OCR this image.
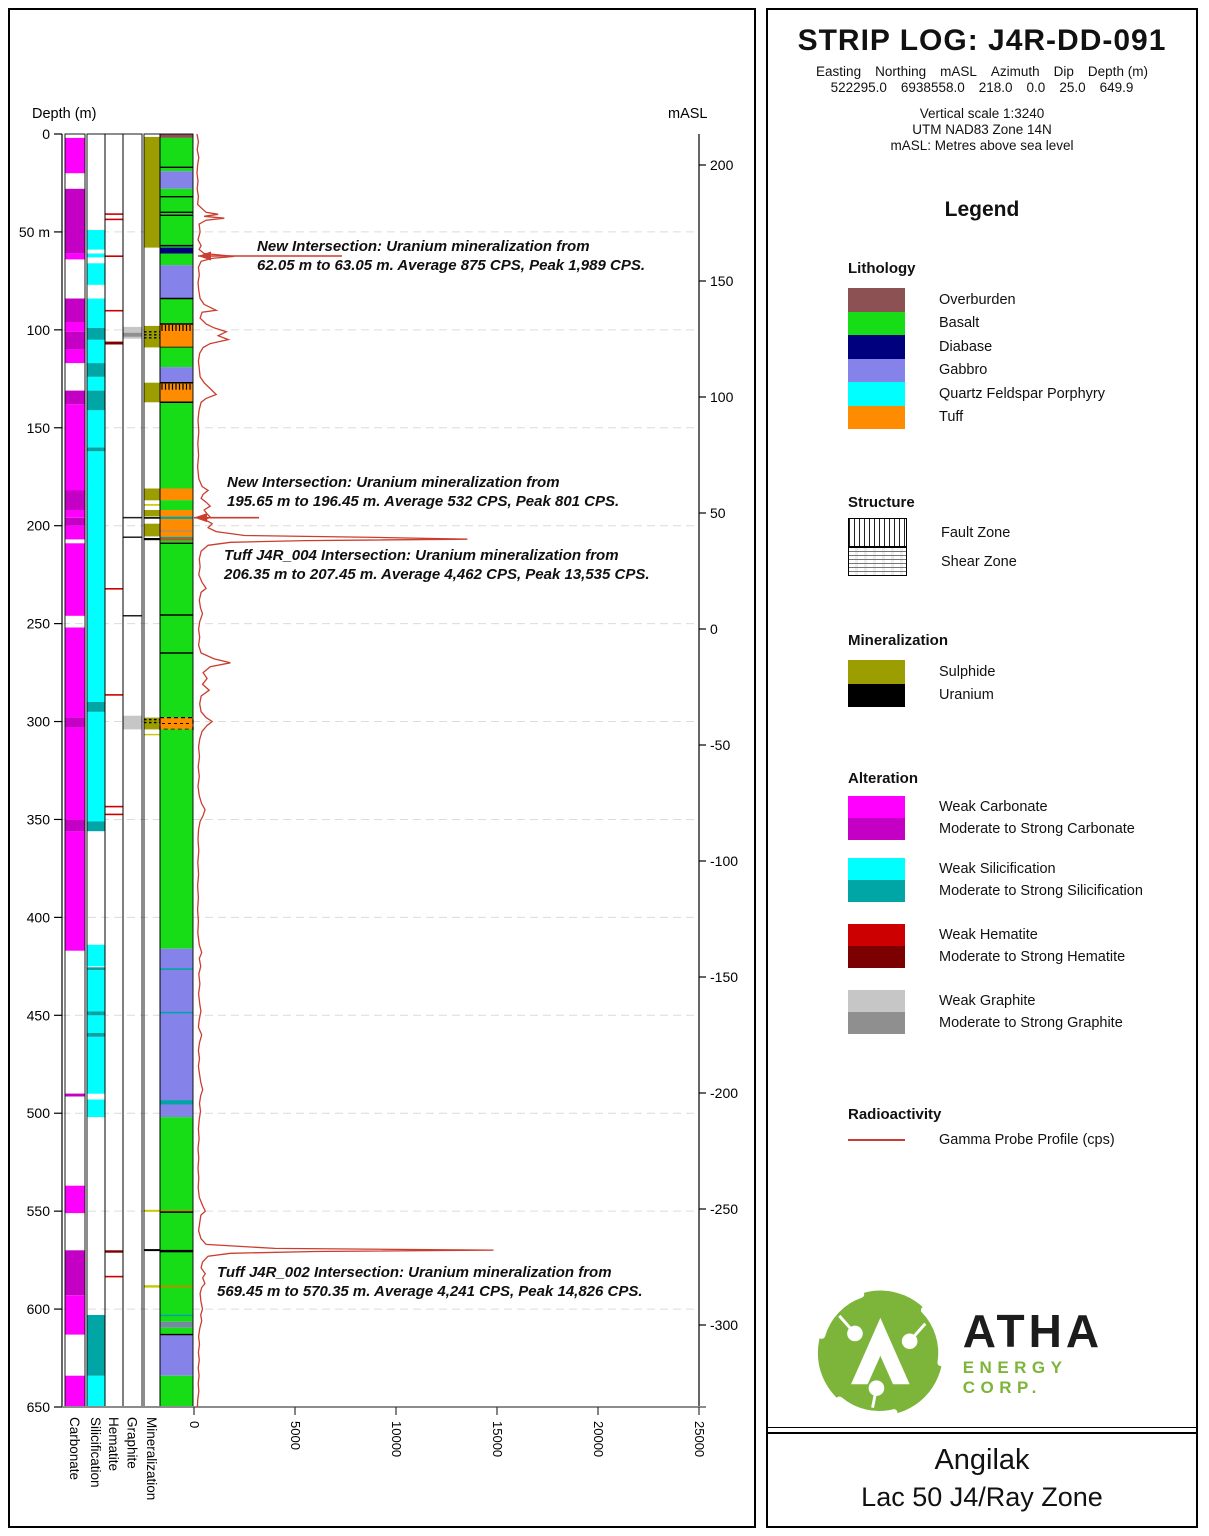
Depth (m)	mASL
0
50 m
100
150
200
250
300
350
400
450
500
550
600
650
200
150
100
50
0
-50
-100
-150
-200
-250
-300
0	5000	10000	15000	20000	25000
Carbonate Silicification Hematite Graphite Mineralization
New Intersection: Uranium mineralization from
62.05 m to 63.05 m. Average 875 CPS, Peak 1,989 CPS.
New Intersection: Uranium mineralization from
195.65 m to 196.45 m. Average 532 CPS, Peak 801 CPS.
Tuff J4R_004 Intersection: Uranium mineralization from
206.35 m to 207.45 m. Average 4,462 CPS, Peak 13,535 CPS.
Tuff J4R_002 Intersection: Uranium mineralization from
569.45 m to 570.35 m. Average 4,241 CPS, Peak 14,826 CPS.
STRIP LOG: J4R-DD-091
Easting	Northing	mASL	Azimuth	Dip	Depth (m)
522295.0	6938558.0	218.0	0.0	25.0	649.9
Vertical scale 1:3240
UTM NAD83 Zone 14N
mASL: Metres above sea level
Legend
Lithology
Overburden
Basalt
Diabase
Gabbro
Quartz Feldspar Porphyry
Tuff
Structure
Fault Zone
Shear Zone
Mineralization
Sulphide
Uranium
Alteration
Weak Carbonate
Moderate to Strong Carbonate
Weak Silicification
Moderate to Strong Silicification
Weak Hematite
Moderate to Strong Hematite
Weak Graphite
Moderate to Strong Graphite
Radioactivity
Gamma Probe Profile (cps)
ATHA
ENERGY CORP.
Angilak
Lac 50 J4/Ray Zone
